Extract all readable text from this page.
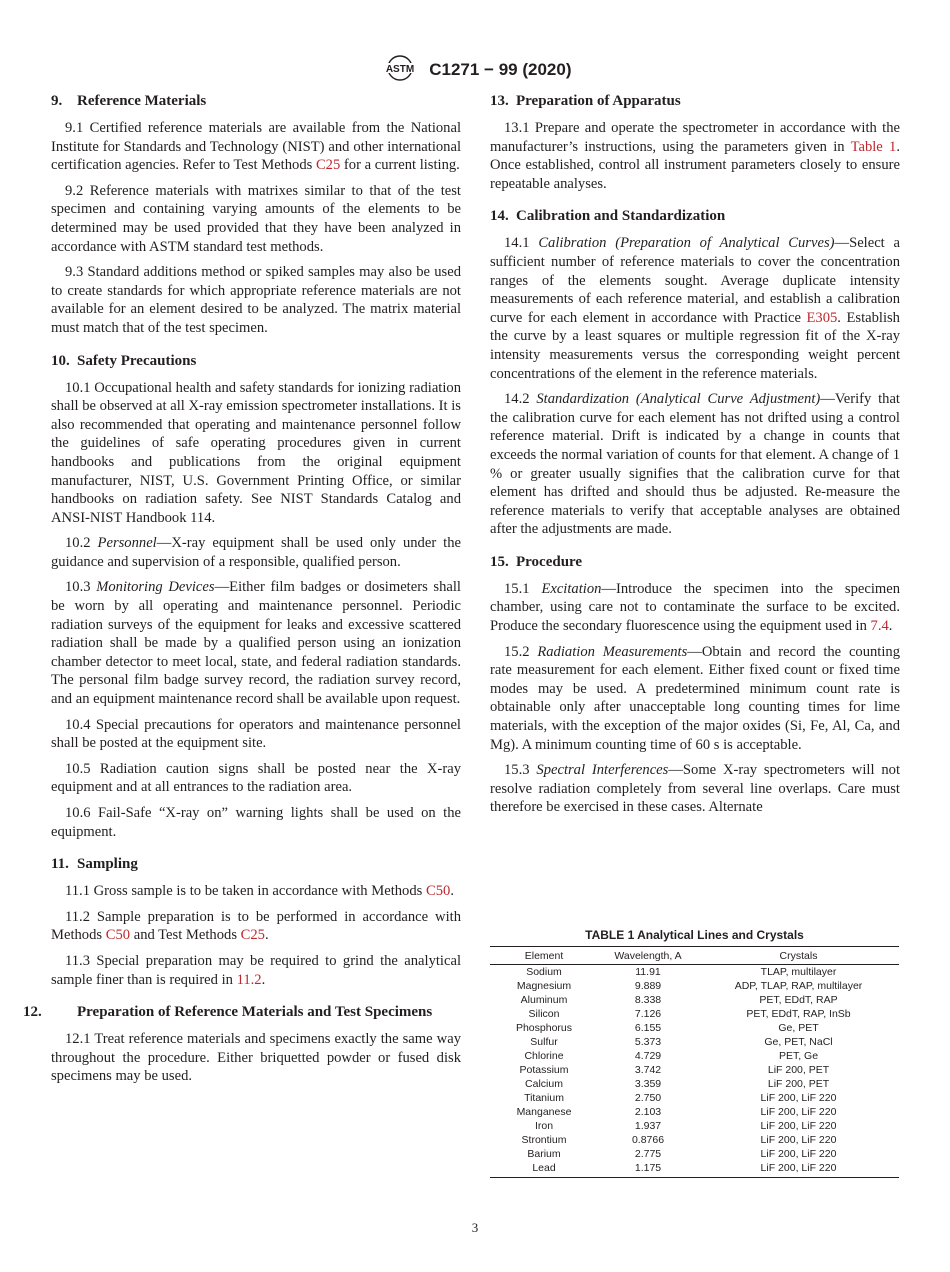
ASTM C1271 − 99 (2020)
9. Reference Materials

9.1 Certified reference materials are available from the National Institute for Standards and Technology (NIST) and other international certification agencies. Refer to Test Methods C25 for a current listing.

9.2 Reference materials with matrixes similar to that of the test specimen and containing varying amounts of the elements to be determined may be used provided that they have been analyzed in accordance with ASTM standard test methods.

9.3 Standard additions method or spiked samples may also be used to create standards for which appropriate reference materials are not available for an element desired to be analyzed. The matrix material must match that of the test specimen.

10. Safety Precautions

10.1 Occupational health and safety standards for ionizing radiation shall be observed at all X-ray emission spectrometer installations. It is also recommended that operating and maintenance personnel follow the guidelines of safe operating procedures given in current handbooks and publications from the original equipment manufacturer, NIST, U.S. Government Printing Office, or similar handbooks on radiation safety. See NIST Standards Catalog and ANSI-NIST Handbook 114.

10.2 Personnel—X-ray equipment shall be used only under the guidance and supervision of a responsible, qualified person.

10.3 Monitoring Devices—Either film badges or dosimeters shall be worn by all operating and maintenance personnel. Periodic radiation surveys of the equipment for leaks and excessive scattered radiation shall be made by a qualified person using an ionization chamber detector to meet local, state, and federal radiation standards. The personal film badge survey record, the radiation survey record, and an equipment maintenance record shall be available upon request.

10.4 Special precautions for operators and maintenance personnel shall be posted at the equipment site.

10.5 Radiation caution signs shall be posted near the X-ray equipment and at all entrances to the radiation area.

10.6 Fail-Safe “X-ray on” warning lights shall be used on the equipment.

11. Sampling

11.1 Gross sample is to be taken in accordance with Methods C50.

11.2 Sample preparation is to be performed in accordance with Methods C50 and Test Methods C25.

11.3 Special preparation may be required to grind the analytical sample finer than is required in 11.2.

12. Preparation of Reference Materials and Test Specimens

12.1 Treat reference materials and specimens exactly the same way throughout the procedure. Either briquetted powder or fused disk specimens may be used.

13. Preparation of Apparatus

13.1 Prepare and operate the spectrometer in accordance with the manufacturer’s instructions, using the parameters given in Table 1. Once established, control all instrument parameters closely to ensure repeatable analyses.

14. Calibration and Standardization

14.1 Calibration (Preparation of Analytical Curves)—Select a sufficient number of reference materials to cover the concentration ranges of the elements sought. Average duplicate intensity measurements of each reference material, and establish a calibration curve for each element in accordance with Practice E305. Establish the curve by a least squares or multiple regression fit of the X-ray intensity measurements versus the corresponding weight percent concentrations of the element in the reference materials.

14.2 Standardization (Analytical Curve Adjustment)—Verify that the calibration curve for each element has not drifted using a control reference material. Drift is indicated by a change in counts that exceeds the normal variation of counts for that element. A change of 1 % or greater usually signifies that the calibration curve for that element has drifted and should thus be adjusted. Re-measure the reference materials to verify that acceptable analyses are obtained after the adjustments are made.

15. Procedure

15.1 Excitation—Introduce the specimen into the specimen chamber, using care not to contaminate the surface to be excited. Produce the secondary fluorescence using the equipment used in 7.4.

15.2 Radiation Measurements—Obtain and record the counting rate measurement for each element. Either fixed count or fixed time modes may be used. A predetermined minimum count rate is obtainable only after unacceptable long counting times for lime materials, with the exception of the major oxides (Si, Fe, Al, Ca, and Mg). A minimum counting time of 60 s is acceptable.

15.3 Spectral Interferences—Some X-ray spectrometers will not resolve radiation completely from several line overlaps. Care must therefore be exercised in these cases. Alternate

TABLE 1 Analytical Lines and Crystals
Element	Wavelength, A	Crystals
Sodium	11.91	TLAP, multilayer
Magnesium	9.889	ADP, TLAP, RAP, multilayer
Aluminum	8.338	PET, EDdT, RAP
Silicon	7.126	PET, EDdT, RAP, InSb
Phosphorus	6.155	Ge, PET
Sulfur	5.373	Ge, PET, NaCl
Chlorine	4.729	PET, Ge
Potassium	3.742	LiF 200, PET
Calcium	3.359	LiF 200, PET
Titanium	2.750	LiF 200, LiF 220
Manganese	2.103	LiF 200, LiF 220
Iron	1.937	LiF 200, LiF 220
Strontium	0.8766	LiF 200, LiF 220
Barium	2.775	LiF 200, LiF 220
Lead	1.175	LiF 200, LiF 220
3
